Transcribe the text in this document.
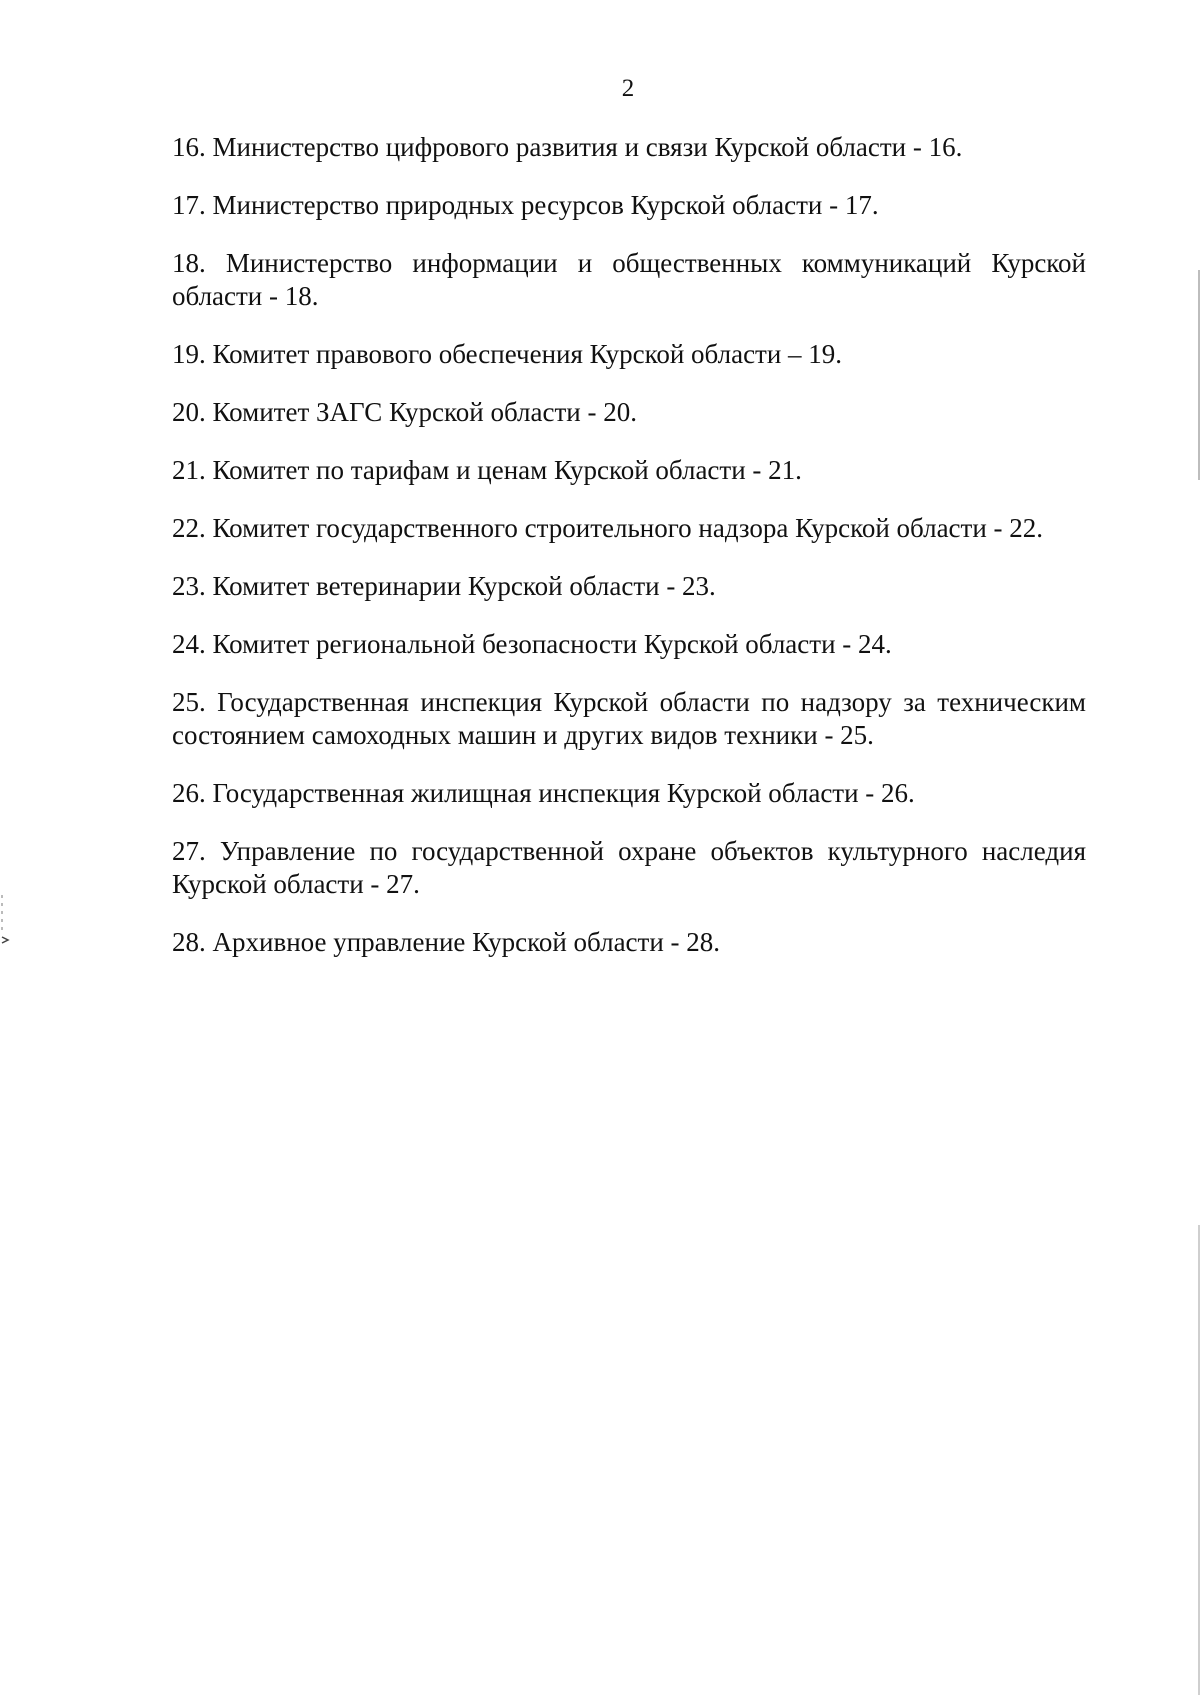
2
16. Министерство цифрового развития и связи Курской области - 16.
17. Министерство природных ресурсов Курской области - 17.
18. Министерство информации и общественных коммуникаций Курской области - 18.
19. Комитет правового обеспечения Курской области – 19.
20. Комитет ЗАГС Курской области - 20.
21. Комитет по тарифам и ценам Курской области - 21.
22. Комитет государственного строительного надзора Курской области - 22.
23. Комитет ветеринарии Курской области - 23.
24. Комитет региональной безопасности Курской области - 24.
25. Государственная инспекция Курской области по надзору за техническим состоянием самоходных машин и других видов техники - 25.
26. Государственная жилищная инспекция Курской области - 26.
27. Управление по государственной охране объектов культурного наследия Курской области - 27.
28. Архивное управление Курской области - 28.
